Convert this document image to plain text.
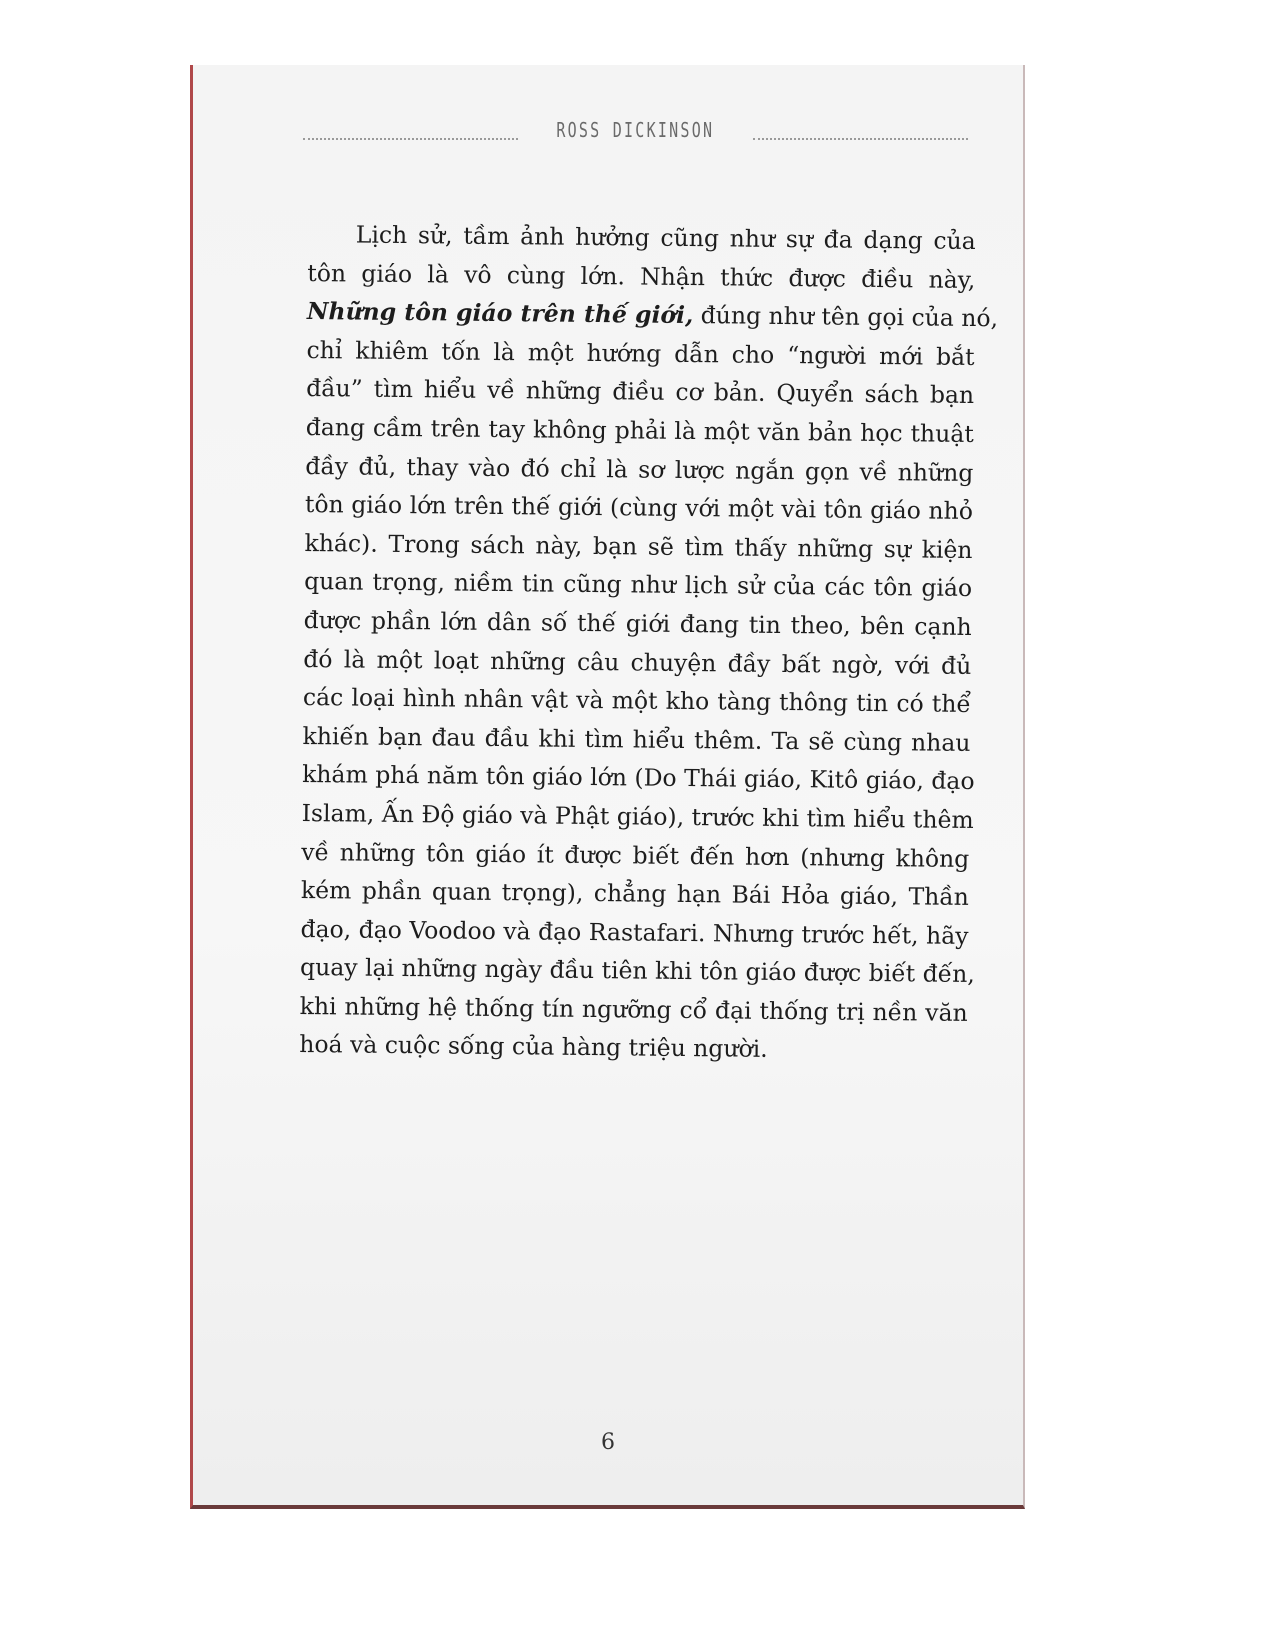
ROSS DICKINSON
Lịch sử, tầm ảnh hưởng cũng như sự đa dạng của
tôn giáo là vô cùng lớn. Nhận thức được điều này,
Những tôn giáo trên thế giới, đúng như tên gọi của nó,
chỉ khiêm tốn là một hướng dẫn cho “người mới bắt
đầu” tìm hiểu về những điều cơ bản. Quyển sách bạn
đang cầm trên tay không phải là một văn bản học thuật
đầy đủ, thay vào đó chỉ là sơ lược ngắn gọn về những
tôn giáo lớn trên thế giới (cùng với một vài tôn giáo nhỏ
khác). Trong sách này, bạn sẽ tìm thấy những sự kiện
quan trọng, niềm tin cũng như lịch sử của các tôn giáo
được phần lớn dân số thế giới đang tin theo, bên cạnh
đó là một loạt những câu chuyện đầy bất ngờ, với đủ
các loại hình nhân vật và một kho tàng thông tin có thể
khiến bạn đau đầu khi tìm hiểu thêm. Ta sẽ cùng nhau
khám phá năm tôn giáo lớn (Do Thái giáo, Kitô giáo, đạo
Islam, Ấn Độ giáo và Phật giáo), trước khi tìm hiểu thêm
về những tôn giáo ít được biết đến hơn (nhưng không
kém phần quan trọng), chẳng hạn Bái Hỏa giáo, Thần
đạo, đạo Voodoo và đạo Rastafari. Nhưng trước hết, hãy
quay lại những ngày đầu tiên khi tôn giáo được biết đến,
khi những hệ thống tín ngưỡng cổ đại thống trị nền văn
hoá và cuộc sống của hàng triệu người.
6
